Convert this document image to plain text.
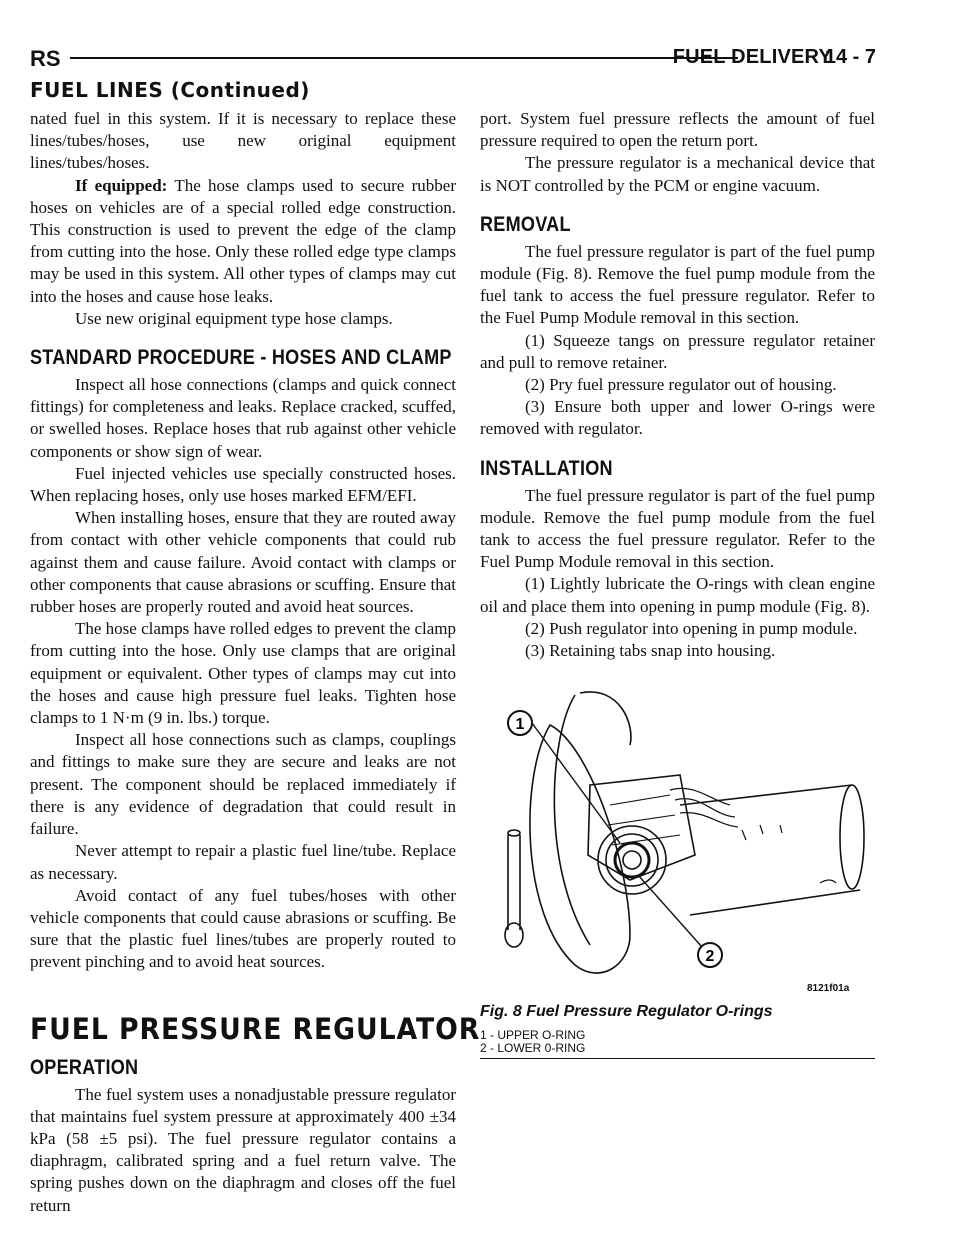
RS	FUEL DELIVERY
14 - 7
FUEL LINES (Continued)

nated fuel in this system. If it is necessary to replace these lines/tubes/hoses, use new original equipment lines/tubes/hoses.

If equipped: The hose clamps used to secure rubber hoses on vehicles are of a special rolled edge construction. This construction is used to prevent the edge of the clamp from cutting into the hose. Only these rolled edge type clamps may be used in this system. All other types of clamps may cut into the hoses and cause hose leaks.

Use new original equipment type hose clamps.

STANDARD PROCEDURE - HOSES AND CLAMP

Inspect all hose connections (clamps and quick connect fittings) for completeness and leaks. Replace cracked, scuffed, or swelled hoses. Replace hoses that rub against other vehicle components or show sign of wear.

Fuel injected vehicles use specially constructed hoses. When replacing hoses, only use hoses marked EFM/EFI.

When installing hoses, ensure that they are routed away from contact with other vehicle components that could rub against them and cause failure. Avoid contact with clamps or other components that cause abrasions or scuffing. Ensure that rubber hoses are properly routed and avoid heat sources.

The hose clamps have rolled edges to prevent the clamp from cutting into the hose. Only use clamps that are original equipment or equivalent. Other types of clamps may cut into the hoses and cause high pressure fuel leaks. Tighten hose clamps to 1 N·m (9 in. lbs.) torque.

Inspect all hose connections such as clamps, couplings and fittings to make sure they are secure and leaks are not present. The component should be replaced immediately if there is any evidence of degradation that could result in failure.

Never attempt to repair a plastic fuel line/tube. Replace as necessary.

Avoid contact of any fuel tubes/hoses with other vehicle components that could cause abrasions or scuffing. Be sure that the plastic fuel lines/tubes are properly routed to prevent pinching and to avoid heat sources.

FUEL PRESSURE REGULATOR
OPERATION

The fuel system uses a nonadjustable pressure regulator that maintains fuel system pressure at approximately 400 ±34 kPa (58 ±5 psi). The fuel pressure regulator contains a diaphragm, calibrated spring and a fuel return valve. The spring pushes down on the diaphragm and closes off the fuel return

port. System fuel pressure reflects the amount of fuel pressure required to open the return port.

The pressure regulator is a mechanical device that is NOT controlled by the PCM or engine vacuum.

REMOVAL

The fuel pressure regulator is part of the fuel pump module (Fig. 8). Remove the fuel pump module from the fuel tank to access the fuel pressure regulator. Refer to the Fuel Pump Module removal in this section.

(1) Squeeze tangs on pressure regulator retainer and pull to remove retainer.

(2) Pry fuel pressure regulator out of housing.

(3) Ensure both upper and lower O-rings were removed with regulator.

INSTALLATION

The fuel pressure regulator is part of the fuel pump module. Remove the fuel pump module from the fuel tank to access the fuel pressure regulator. Refer to the Fuel Pump Module removal in this section.

(1) Lightly lubricate the O-rings with clean engine oil and place them into opening in pump module (Fig. 8).

(2) Push regulator into opening in pump module.

(3) Retaining tabs snap into housing.

1
2
8121f01a
Fig. 8 Fuel Pressure Regulator O-rings
1 - UPPER O-RING
2 - LOWER 0-RING
